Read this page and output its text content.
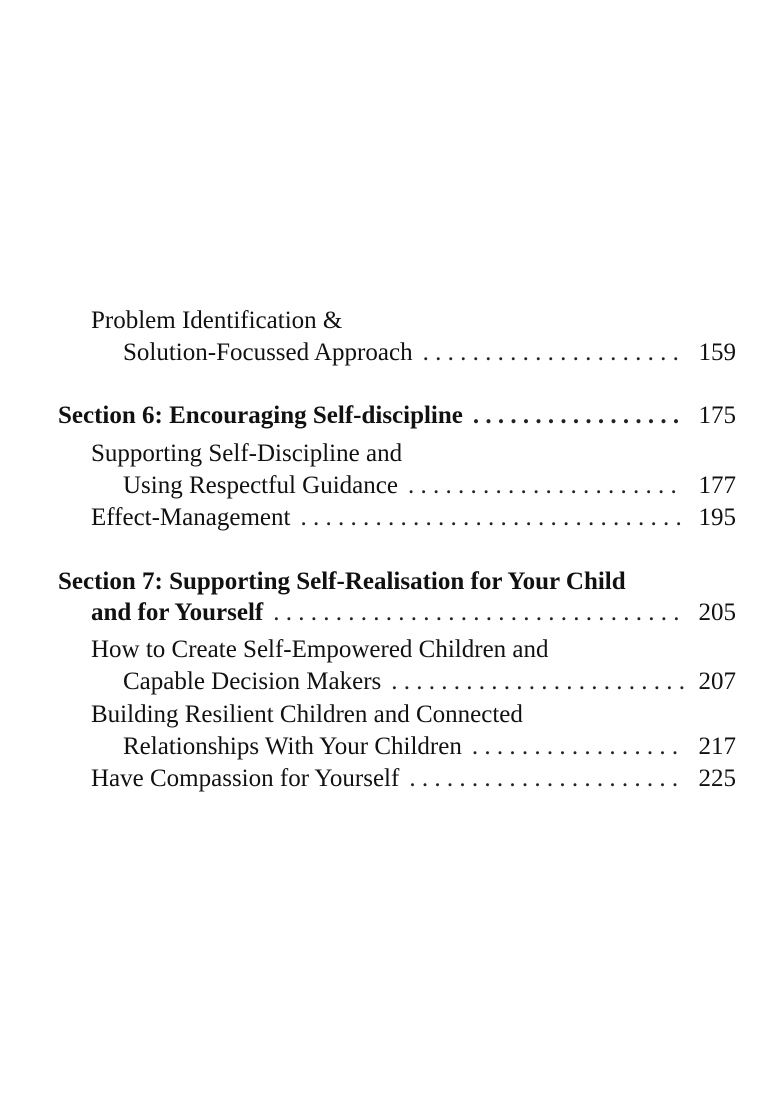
Problem Identification &
Solution-Focussed Approach . . .	159
Section 6: Encouraging Self-discipline . . .	175
Supporting Self-Discipline and
Using Respectful Guidance . . .	177
Effect-Management . . .	195
Section 7: Supporting Self-Realisation for Your Child
and for Yourself . . .	205
How to Create Self-Empowered Children and
Capable Decision Makers . . .	207
Building Resilient Children and Connected
Relationships With Your Children . . .	217
Have Compassion for Yourself . . .	225
